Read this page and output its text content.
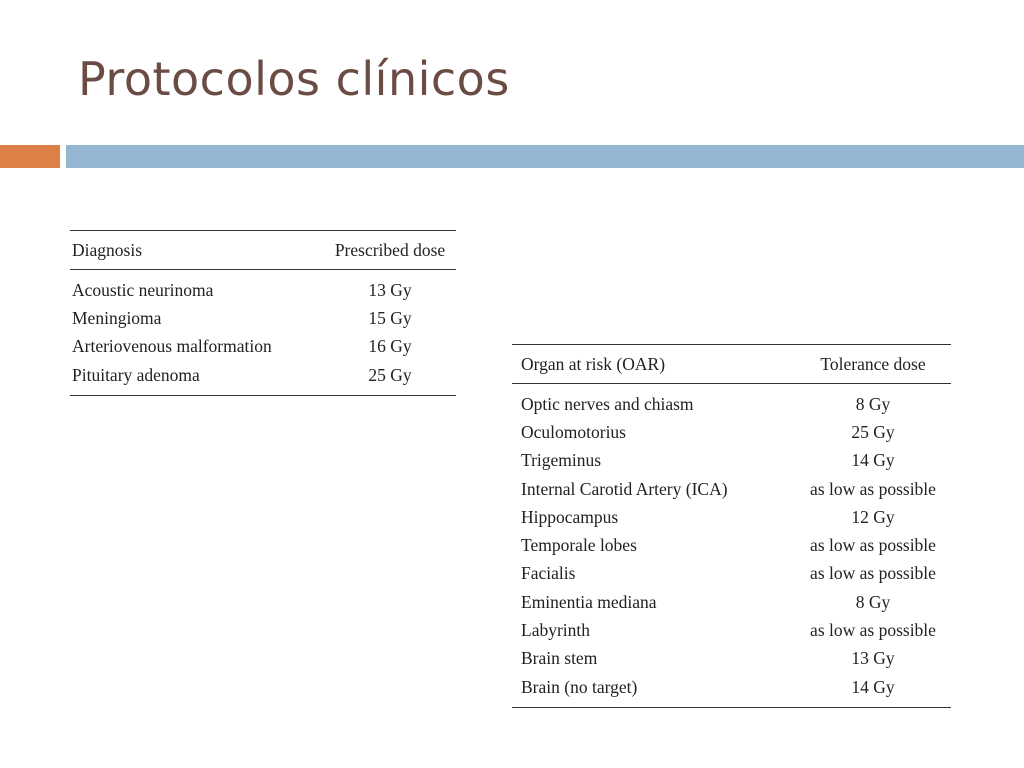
Protocolos clínicos
Diagnosis	Prescribed dose
Acoustic neurinoma	13 Gy
Meningioma	15 Gy
Arteriovenous malformation	16 Gy
Pituitary adenoma	25 Gy
Organ at risk (OAR)	Tolerance dose
Optic nerves and chiasm	8 Gy
Oculomotorius	25 Gy
Trigeminus	14 Gy
Internal Carotid Artery (ICA)	as low as possible
Hippocampus	12 Gy
Temporale lobes	as low as possible
Facialis	as low as possible
Eminentia mediana	8 Gy
Labyrinth	as low as possible
Brain stem	13 Gy
Brain (no target)	14 Gy
